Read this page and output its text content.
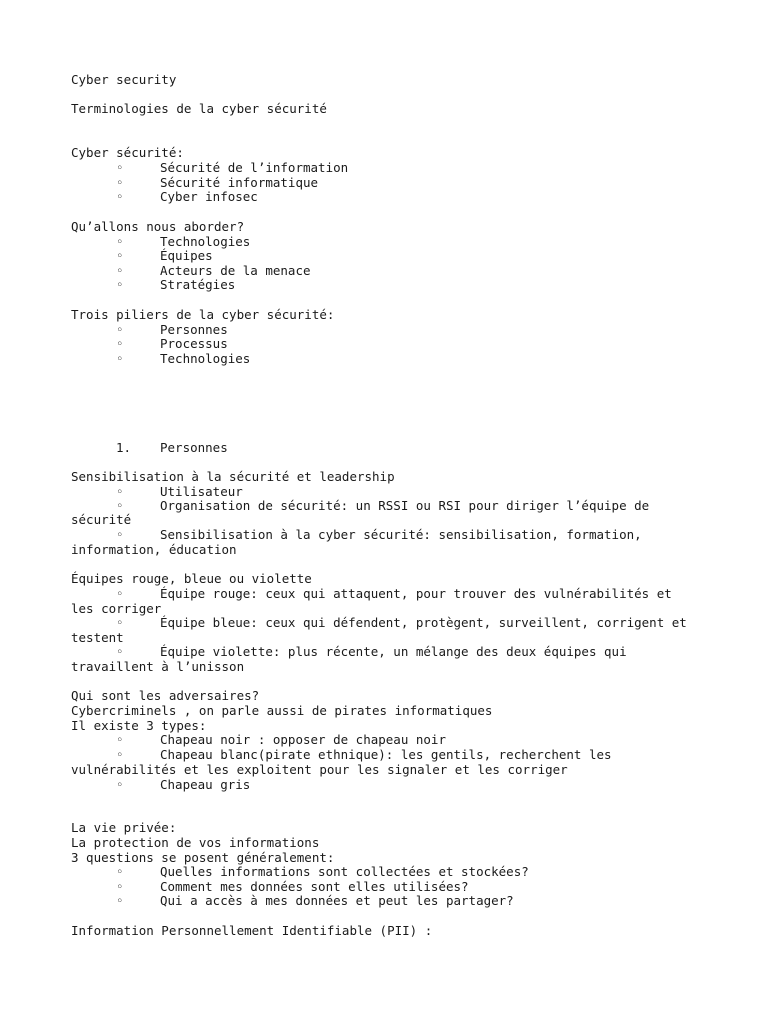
Cyber security
Terminologies de la cyber sécurité
Cyber sécurité:
◦	Sécurité de l’information
◦	Sécurité informatique
◦	Cyber infosec
Qu’allons nous aborder?
◦	Technologies
◦	Équipes
◦	Acteurs de la menace
◦	Stratégies
Trois piliers de la cyber sécurité:
◦	Personnes
◦	Processus
◦	Technologies
1. Personnes
Sensibilisation à la sécurité et leadership
◦	Utilisateur
◦	Organisation de sécurité: un RSSI ou RSI pour diriger l’équipe de
sécurité
◦	Sensibilisation à la cyber sécurité: sensibilisation, formation,
information, éducation
Équipes rouge, bleue ou violette
◦	Équipe rouge: ceux qui attaquent, pour trouver des vulnérabilités et
les corriger
◦	Équipe bleue: ceux qui défendent, protègent, surveillent, corrigent et
testent
◦	Équipe violette: plus récente, un mélange des deux équipes qui
travaillent à l’unisson
Qui sont les adversaires?
Cybercriminels , on parle aussi de pirates informatiques
Il existe 3 types:
◦	Chapeau noir : opposer de chapeau noir
◦	Chapeau blanc(pirate ethnique): les gentils, recherchent les
vulnérabilités et les exploitent pour les signaler et les corriger
◦	Chapeau gris
La vie privée:
La protection de vos informations
3 questions se posent généralement:
◦	Quelles informations sont collectées et stockées?
◦	Comment mes données sont elles utilisées?
◦	Qui a accès à mes données et peut les partager?
Information Personnellement Identifiable (PII) :
